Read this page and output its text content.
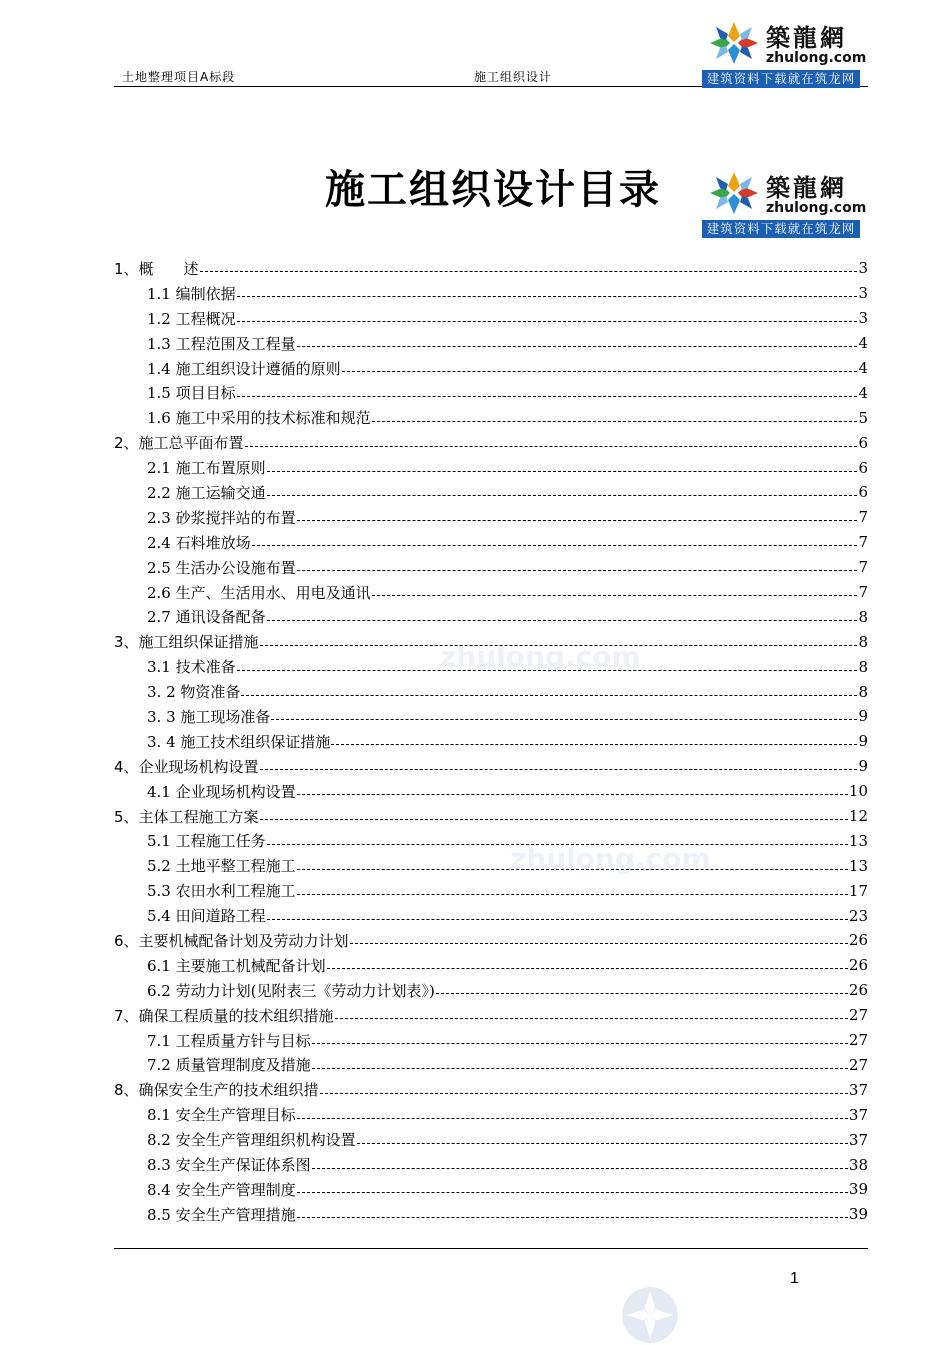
土地整理项目A标段	施工组织设计
築龍網
zhulong.com
建筑资料下载就在筑龙网
施工组织设计目录	築龍網
zhulong.com
建筑资料下载就在筑龙网
zhulong.com
zhulong.com
1、概　　述	3
1.1 编制依据	3
1.2 工程概况	3
1.3 工程范围及工程量	4
1.4 施工组织设计遵循的原则	4
1.5 项目目标	4
1.6 施工中采用的技术标准和规范	5
2、施工总平面布置	6
2.1 施工布置原则	6
2.2 施工运输交通	6
2.3 砂浆搅拌站的布置	7
2.4 石料堆放场	7
2.5 生活办公设施布置	7
2.6 生产、生活用水、用电及通讯	7
2.7 通讯设备配备	8
3、施工组织保证措施	8
3.1 技术准备	8
3. 2 物资准备	8
3. 3 施工现场准备	9
3. 4 施工技术组织保证措施	9
4、企业现场机构设置	9
4.1 企业现场机构设置	10
5、主体工程施工方案	12
5.1 工程施工任务	13
5.2 土地平整工程施工	13
5.3 农田水利工程施工	17
5.4 田间道路工程	23
6、主要机械配备计划及劳动力计划	26
6.1 主要施工机械配备计划	26
6.2 劳动力计划(见附表三《劳动力计划表》)	26
7、确保工程质量的技术组织措施	27
7.1 工程质量方针与目标	27
7.2 质量管理制度及措施	27
8、确保安全生产的技术组织措	37
8.1 安全生产管理目标	37
8.2 安全生产管理组织机构设置	37
8.3 安全生产保证体系图	38
8.4 安全生产管理制度	39
8.5 安全生产管理措施	39
1
